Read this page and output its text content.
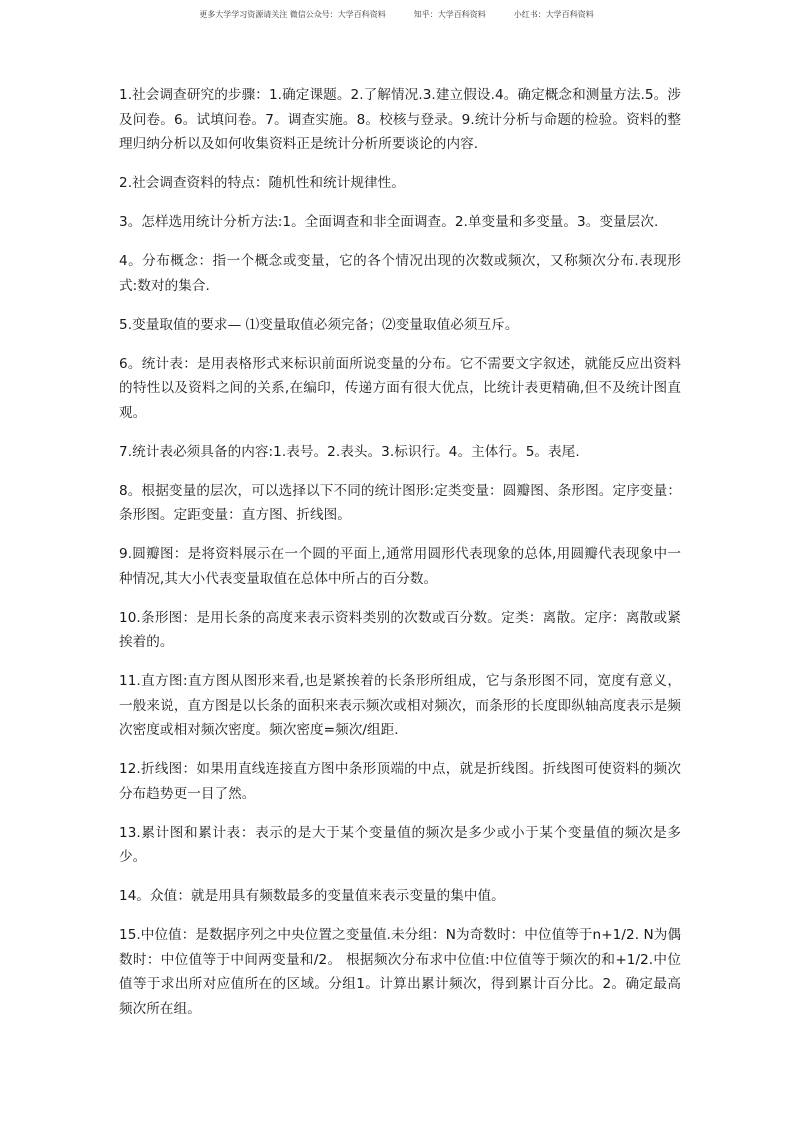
更多大学学习资源请关注 微信公众号：大学百科资料	知乎：大学百科资料	小红书：大学百科资料

1.社会调查研究的步骤：1.确定课题。2.了解情况.3.建立假设.4。确定概念和测量方法.5。涉及问卷。6。试填问卷。7。调查实施。8。校核与登录。9.统计分析与命题的检验。资料的整理归纳分析以及如何收集资料正是统计分析所要谈论的内容.

2.社会调查资料的特点：随机性和统计规律性。

3。怎样选用统计分析方法:1。全面调查和非全面调查。2.单变量和多变量。3。变量层次.

4。分布概念：指一个概念或变量，它的各个情况出现的次数或频次，又称频次分布.表现形式:数对的集合.

5.变量取值的要求— ⑴变量取值必须完备；⑵变量取值必须互斥。

6。统计表：是用表格形式来标识前面所说变量的分布。它不需要文字叙述，就能反应出资料的特性以及资料之间的关系,在编印，传递方面有很大优点，比统计表更精确,但不及统计图直观。

7.统计表必须具备的内容:1.表号。2.表头。3.标识行。4。主体行。5。表尾.

8。根据变量的层次，可以选择以下不同的统计图形:定类变量：圆瓣图、条形图。定序变量：条形图。定距变量：直方图、折线图。

9.圆瓣图：是将资料展示在一个圆的平面上,通常用圆形代表现象的总体,用圆瓣代表现象中一种情况,其大小代表变量取值在总体中所占的百分数。

10.条形图：是用长条的高度来表示资料类别的次数或百分数。定类：离散。定序：离散或紧挨着的。

11.直方图:直方图从图形来看,也是紧挨着的长条形所组成，它与条形图不同，宽度有意义，一般来说，直方图是以长条的面积来表示频次或相对频次，而条形的长度即纵轴高度表示是频次密度或相对频次密度。频次密度=频次/组距.

12.折线图：如果用直线连接直方图中条形顶端的中点，就是折线图。折线图可使资料的频次分布趋势更一目了然。

13.累计图和累计表：表示的是大于某个变量值的频次是多少或小于某个变量值的频次是多少。

14。众值：就是用具有频数最多的变量值来表示变量的集中值。

15.中位值：是数据序列之中央位置之变量值.未分组：N为奇数时：中位值等于n+1/2. N为偶数时：中位值等于中间两变量和/2。 根据频次分布求中位值:中位值等于频次的和+1/2.中位值等于求出所对应值所在的区域。分组1。计算出累计频次，得到累计百分比。2。确定最高频次所在组。
